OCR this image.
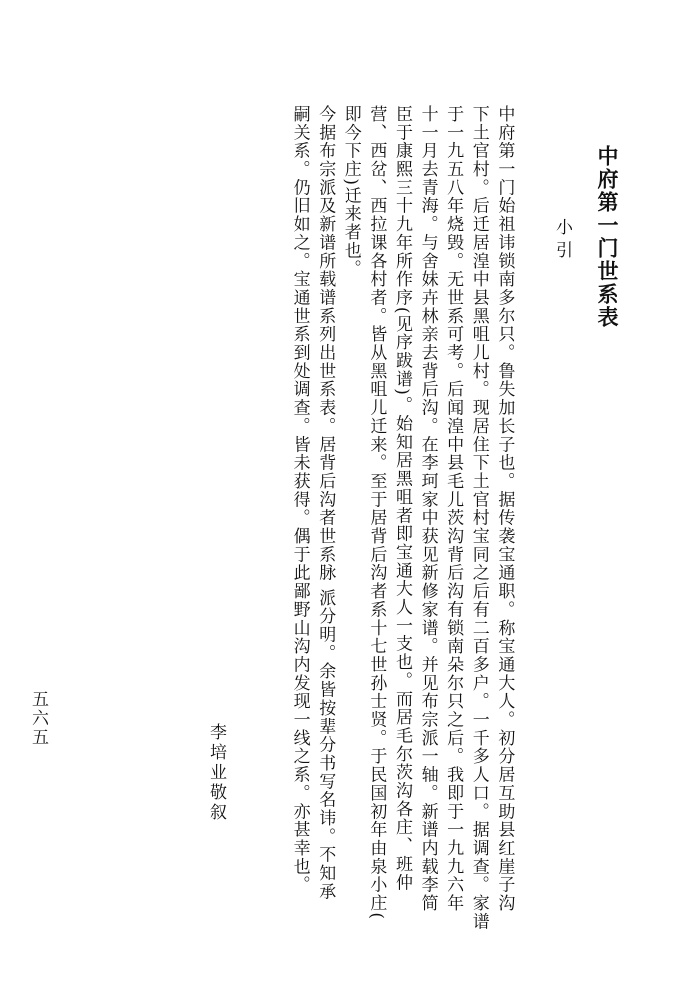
中府第一门世系表
小引
中府第一门始祖讳锁南多尔只。鲁失加长子也。据传袭宝通职。称宝通大人。初分居互助县红崖子沟
下土官村。后迁居湟中县黑咀儿村。现居住下土官村宝同之后有二百多户。一千多人口。据调查。家谱
于一九五八年烧毁。无世系可考。后闻湟中县毛儿茨沟背后沟有锁南朵尔只之后。我即于一九九六年
十一月去青海。与舍妹卉林亲去背后沟。在李珂家中获见新修家谱。并见布宗派一轴。新谱内载李简
臣于康熙三十九年所作序(见序跋谱)。始知居黑咀者即宝通大人一支也。而居毛尔茨沟各庄、班仲
营、西岔、西拉课各村者。皆从黑咀儿迁来。至于居背后沟者系十七世孙士贤。于民国初年由泉小庄(
即今下庄)迁来者也。
今据布宗派及新谱所载谱系列出世系表。居背后沟者世系脉 派分明。余皆按辈分书写名讳。不知承
嗣关系。仍旧如之。宝通世系到处调查。皆未获得。偶于此鄙野山沟内发现一线之系。亦甚幸也。
李培业敬叙
五六五
